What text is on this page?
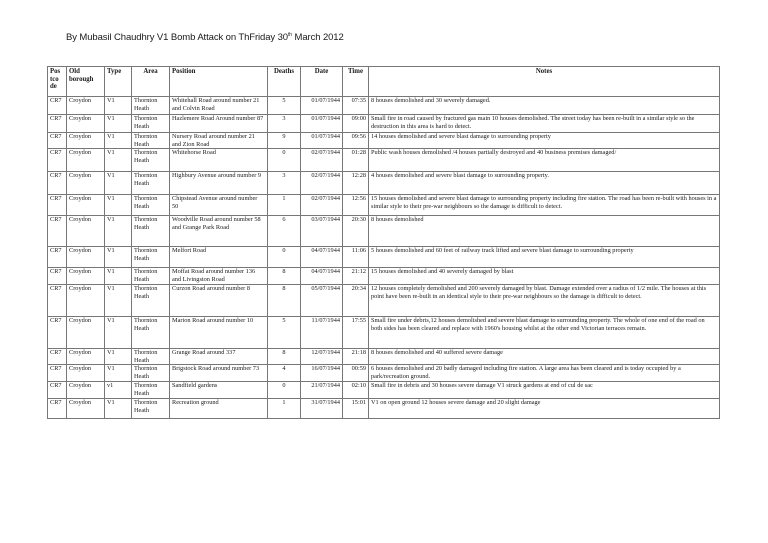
By Mubasil Chaudhry V1 Bomb Attack on ThFriday 30th March 2012
Pos tco de	Old borough	Type	Area	Position	Deaths	Date	Time	Notes
CR7	Croydon	V1	Thornton Heath	Whitehall Road around number 21 and Colvin Road	5	01/07/1944	07:35	8 houses demolished and 30 severely damaged.
CR7	Croydon	V1	Thornton Heath	Hazlemere Road Around number 87	3	01/07/1944	09:00	Small fire in road caused by fractured gas main 10 houses demolished. The street today has been re-built in a similar style so the destruction in this area is hard to detect.
CR7	Croydon	V1	Thornton Heath	Nursery Road around number 21 and Zion Road	9	01/07/1944	09:56	14 houses demolished and severe blast damage to surrounding property
CR7	Croydon	V1	Thornton Heath	Whitehorse Road	0	02/07/1944	01:28	Public wash houses demolished /4 houses partially destroyed and 40 business premises damaged/
CR7	Croydon	V1	Thornton Heath	Highbury Avenue around number 9	3	02/07/1944	12:28	4 houses demolished and severe blast damage to surrounding property.
CR7	Croydon	V1	Thornton Heath	Chipstead Avenue around number 50	1	02/07/1944	12:56	15 houses demolished and severe blast damage to surrounding property including fire station. The road has been re-built with houses in a similar style to their pre-war neighbours so the damage is difficult to detect.
CR7	Croydon	V1	Thornton Heath	Woodville Road around number 58 and Grange Park Road	6	03/07/1944	20:30	8 houses demolished
CR7	Croydon	V1	Thornton Heath	Melfort Road	0	04/07/1944	11:06	5 houses demolished and 60 feet of railway track lifted and severe blast damage to surrounding property
CR7	Croydon	V1	Thornton Heath	Moffat Road around number 136 and Livingston Road	8	04/07/1944	21:12	15 houses demolished and 40 severely damaged by blast
CR7	Croydon	V1	Thornton Heath	Curzon Road around number 8	8	05/07/1944	20:34	12 houses completely demolished and 200 severely damaged by blast. Damage extended over a radius of 1/2 mile. The houses at this point have been re-built in an identical style to their pre-war neighbours so the damage is difficult to detect.
CR7	Croydon	V1	Thornton Heath	Marion Road around number 10	5	11/07/1944	17:55	Small fire under debris,12 houses demolished and severe blast damage to surrounding property. The whole of one end of the road on both sides has been cleared and replace with 1960's housing whilst at the other end Victorian terraces remain.
CR7	Croydon	V1	Thornton Heath	Grange Road around 337	8	12/07/1944	21:18	8 houses demolished and 40 suffered severe damage
CR7	Croydon	V1	Thornton Heath	Brigstock Road around number 73	4	16/07/1944	00:59	6 houses demolished and 20 badly damaged including fire station. A large area has been cleared and is today occupied by a park/recreation ground.
CR7	Croydon	v1	Thornton Heath	Sandfield gardens	0	21/07/1944	02:10	Small fire in debris and 30 houses severe damage V1 struck gardens at end of cul de sac
CR7	Croydon	V1	Thornton Heath	Recreation ground	1	31/07/1944	15:01	V1 on open ground 12 houses severe damage and 20 slight damage
